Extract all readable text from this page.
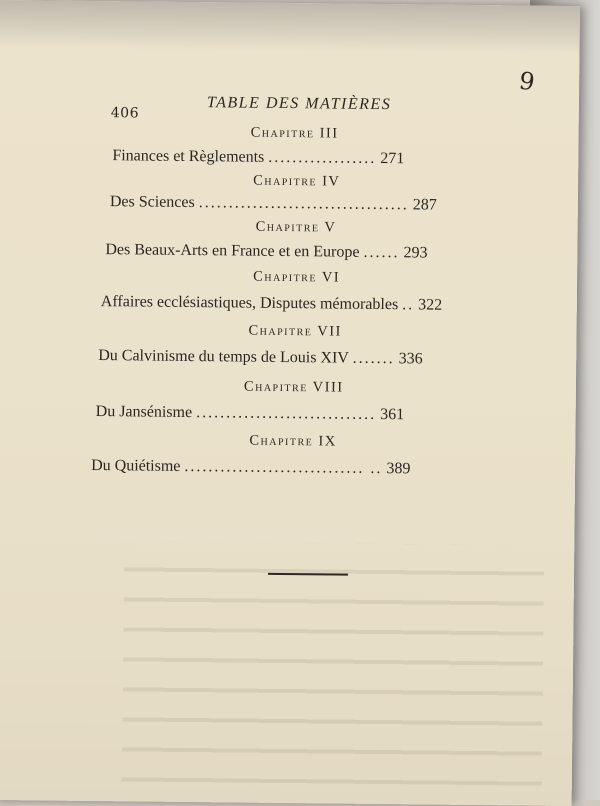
9
406
TABLE DES MATIÈRES
Chapitre III
Finances et Règlements .................. 271
Chapitre IV
Des Sciences ................................... 287
Chapitre V
Des Beaux-Arts en France et en Europe ...... 293
Chapitre VI
Affaires ecclésiastiques, Disputes mémorables .. 322
Chapitre VII
Du Calvinisme du temps de Louis XIV ....... 336
Chapitre VIII
Du Jansénisme .............................. 361
Chapitre IX
Du Quiétisme .............................. .. 389
